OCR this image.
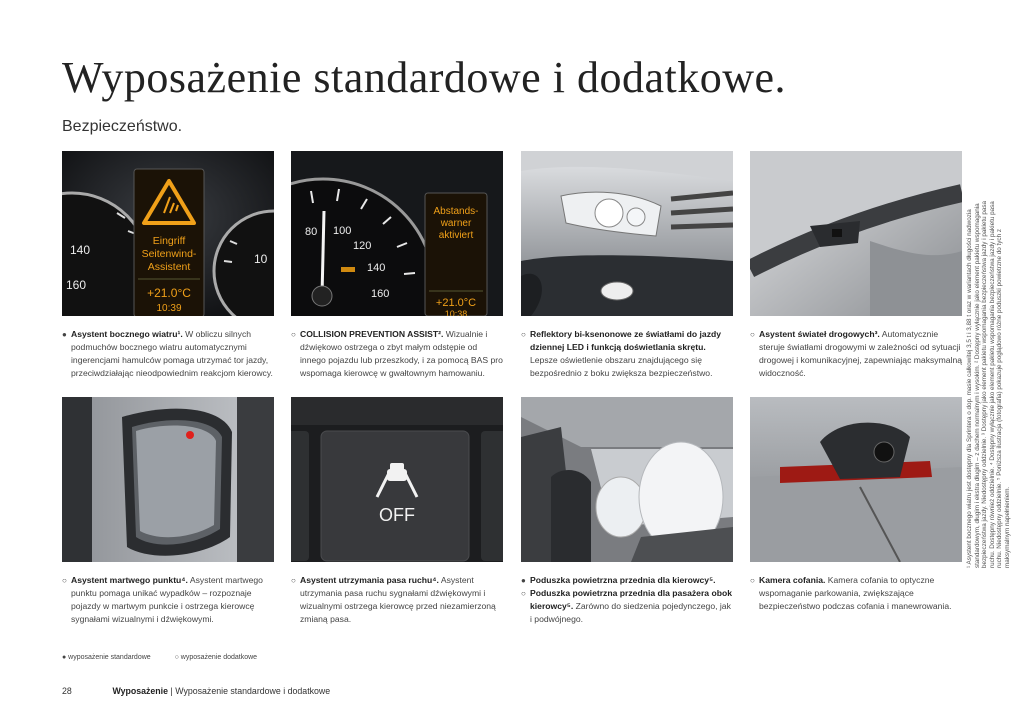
Wyposażenie standardowe i dodatkowe.
Bezpieczeństwo.
140
160
10
Eingriff
Seitenwind-
Assistent
+21.0°C
10:39

● Asystent bocznego wiatru¹. W obliczu silnych podmuchów bocznego wiatru automatycznymi ingerencjami hamulców pomaga utrzymać tor jazdy, przeciwdziałając nieodpowiednim reakcjom kierowcy.

80 100
120
140
160
Abstands-
warner
aktiviert
+21.0°C
10:38

○ COLLISION PREVENTION ASSIST². Wizualnie i dźwiękowo ostrzega o zbyt małym odstępie od innego pojazdu lub przeszkody, i za pomocą BAS pro wspomaga kierowcę w gwałtownym hamowaniu.

○ Reflektory bi-ksenonowe ze światłami do jazdy dziennej LED i funkcją doświetlania skrętu. Lepsze oświetlenie obszaru znajdującego się bezpośrednio z boku zwiększa bezpieczeństwo.

○ Asystent świateł drogowych³. Automatycznie steruje światłami drogowymi w zależności od sytuacji drogowej i komunikacyjnej, zapewniając maksymalną widoczność.

○ Asystent martwego punktu⁴. Asystent martwego punktu pomaga unikać wypadków – rozpoznaje pojazdy w martwym punkcie i ostrzega kierowcę sygnałami wizualnymi i dźwiękowymi.

OFF

○ Asystent utrzymania pasa ruchu⁴. Asystent utrzymania pasa ruchu sygnałami dźwiękowymi i wizualnymi ostrzega kierowcę przed niezamierzoną zmianą pasa.

● Poduszka powietrzna przednia dla kierowcy⁵.

○ Poduszka powietrzna przednia dla pasażera obok kierowcy⁵. Zarówno do siedzenia pojedynczego, jak i podwójnego.

○ Kamera cofania. Kamera cofania to optyczne wspomaganie parkowania, zwiększające bezpieczeństwo podczas cofania i manewrowania.

¹ Asystent bocznego wiatru jest dostępny dla Sprintera o dop. masie całkowitej 3,5 t i 3,88 t oraz w wariantach długości nadwozia standardowym, długim i ekstra długim – z dachem normalnym i wysokim. ² Dostępny wyłącznie jako element pakietu wspomagania bezpieczeństwa jazdy. Niedostępny oddzielnie. ³ Dostępny jako element pakietu wspomagania bezpieczeństwa jazdy i pakietu pasa ruchu. Dostępny również oddzielnie. ⁴ Dostępny wyłącznie jako element pakietu wspomagania bezpieczeństwa jazdy i pakietu pasa ruchu. Niedostępny oddzielnie. ⁵ Poniższa ilustracja (fotografia) pokazuje poglądowo różne poduszki powietrzne do tych z maksymalnym napełnieniem.
● wyposażenie standardowe	○ wyposażenie dodatkowe
28	Wyposażenie | Wyposażenie standardowe i dodatkowe
